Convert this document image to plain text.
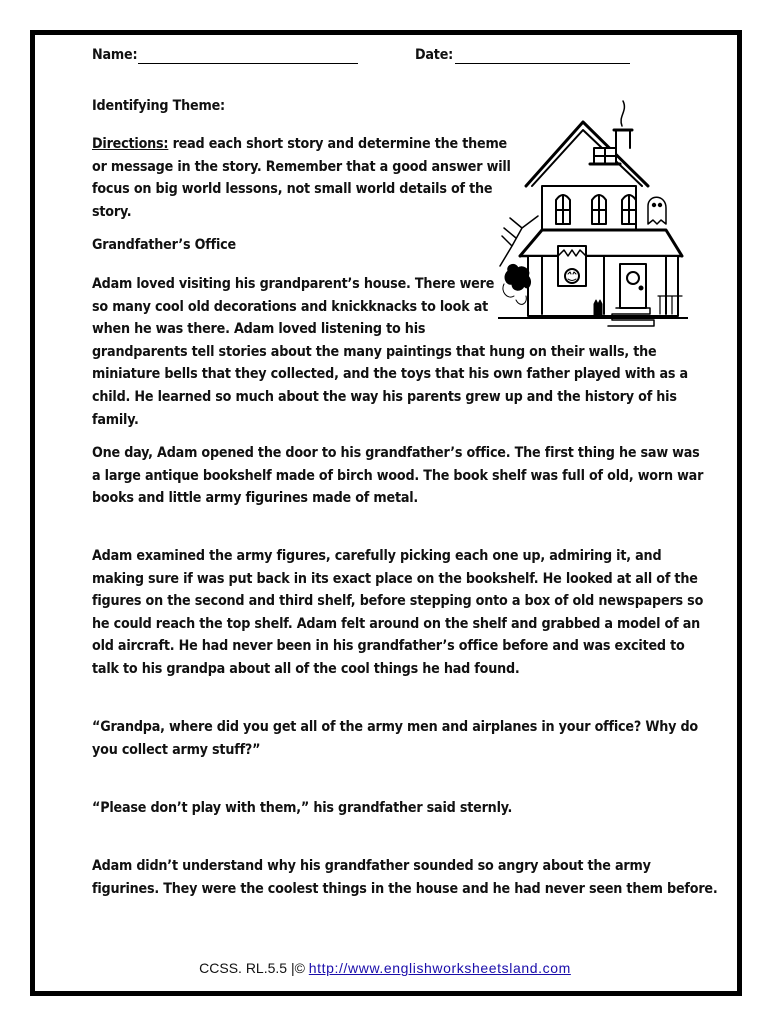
Name:	Date:
Identifying Theme:
Directions: read each short story and determine the theme
or message in the story. Remember that a good answer will
focus on big world lessons, not small world details of the
story.
Grandfather’s Office
Adam loved visiting his grandparent’s house. There were
so many cool old decorations and knickknacks to look at
when he was there. Adam loved listening to his
grandparents tell stories about the many paintings that hung on their walls, the
miniature bells that they collected, and the toys that his own father played with as a
child. He learned so much about the way his parents grew up and the history of his
family.
One day, Adam opened the door to his grandfather’s office. The first thing he saw was
a large antique bookshelf made of birch wood. The book shelf was full of old, worn war
books and little army figurines made of metal.
Adam examined the army figures, carefully picking each one up, admiring it, and
making sure if was put back in its exact place on the bookshelf. He looked at all of the
figures on the second and third shelf, before stepping onto a box of old newspapers so
he could reach the top shelf. Adam felt around on the shelf and grabbed a model of an
old aircraft. He had never been in his grandfather’s office before and was excited to
talk to his grandpa about all of the cool things he had found.
“Grandpa, where did you get all of the army men and airplanes in your office? Why do
you collect army stuff?”
“Please don’t play with them,” his grandfather said sternly.
Adam didn’t understand why his grandfather sounded so angry about the army
figurines. They were the coolest things in the house and he had never seen them before.
CCSS. RL.5.5 |© http://www.englishworksheetsland.com
